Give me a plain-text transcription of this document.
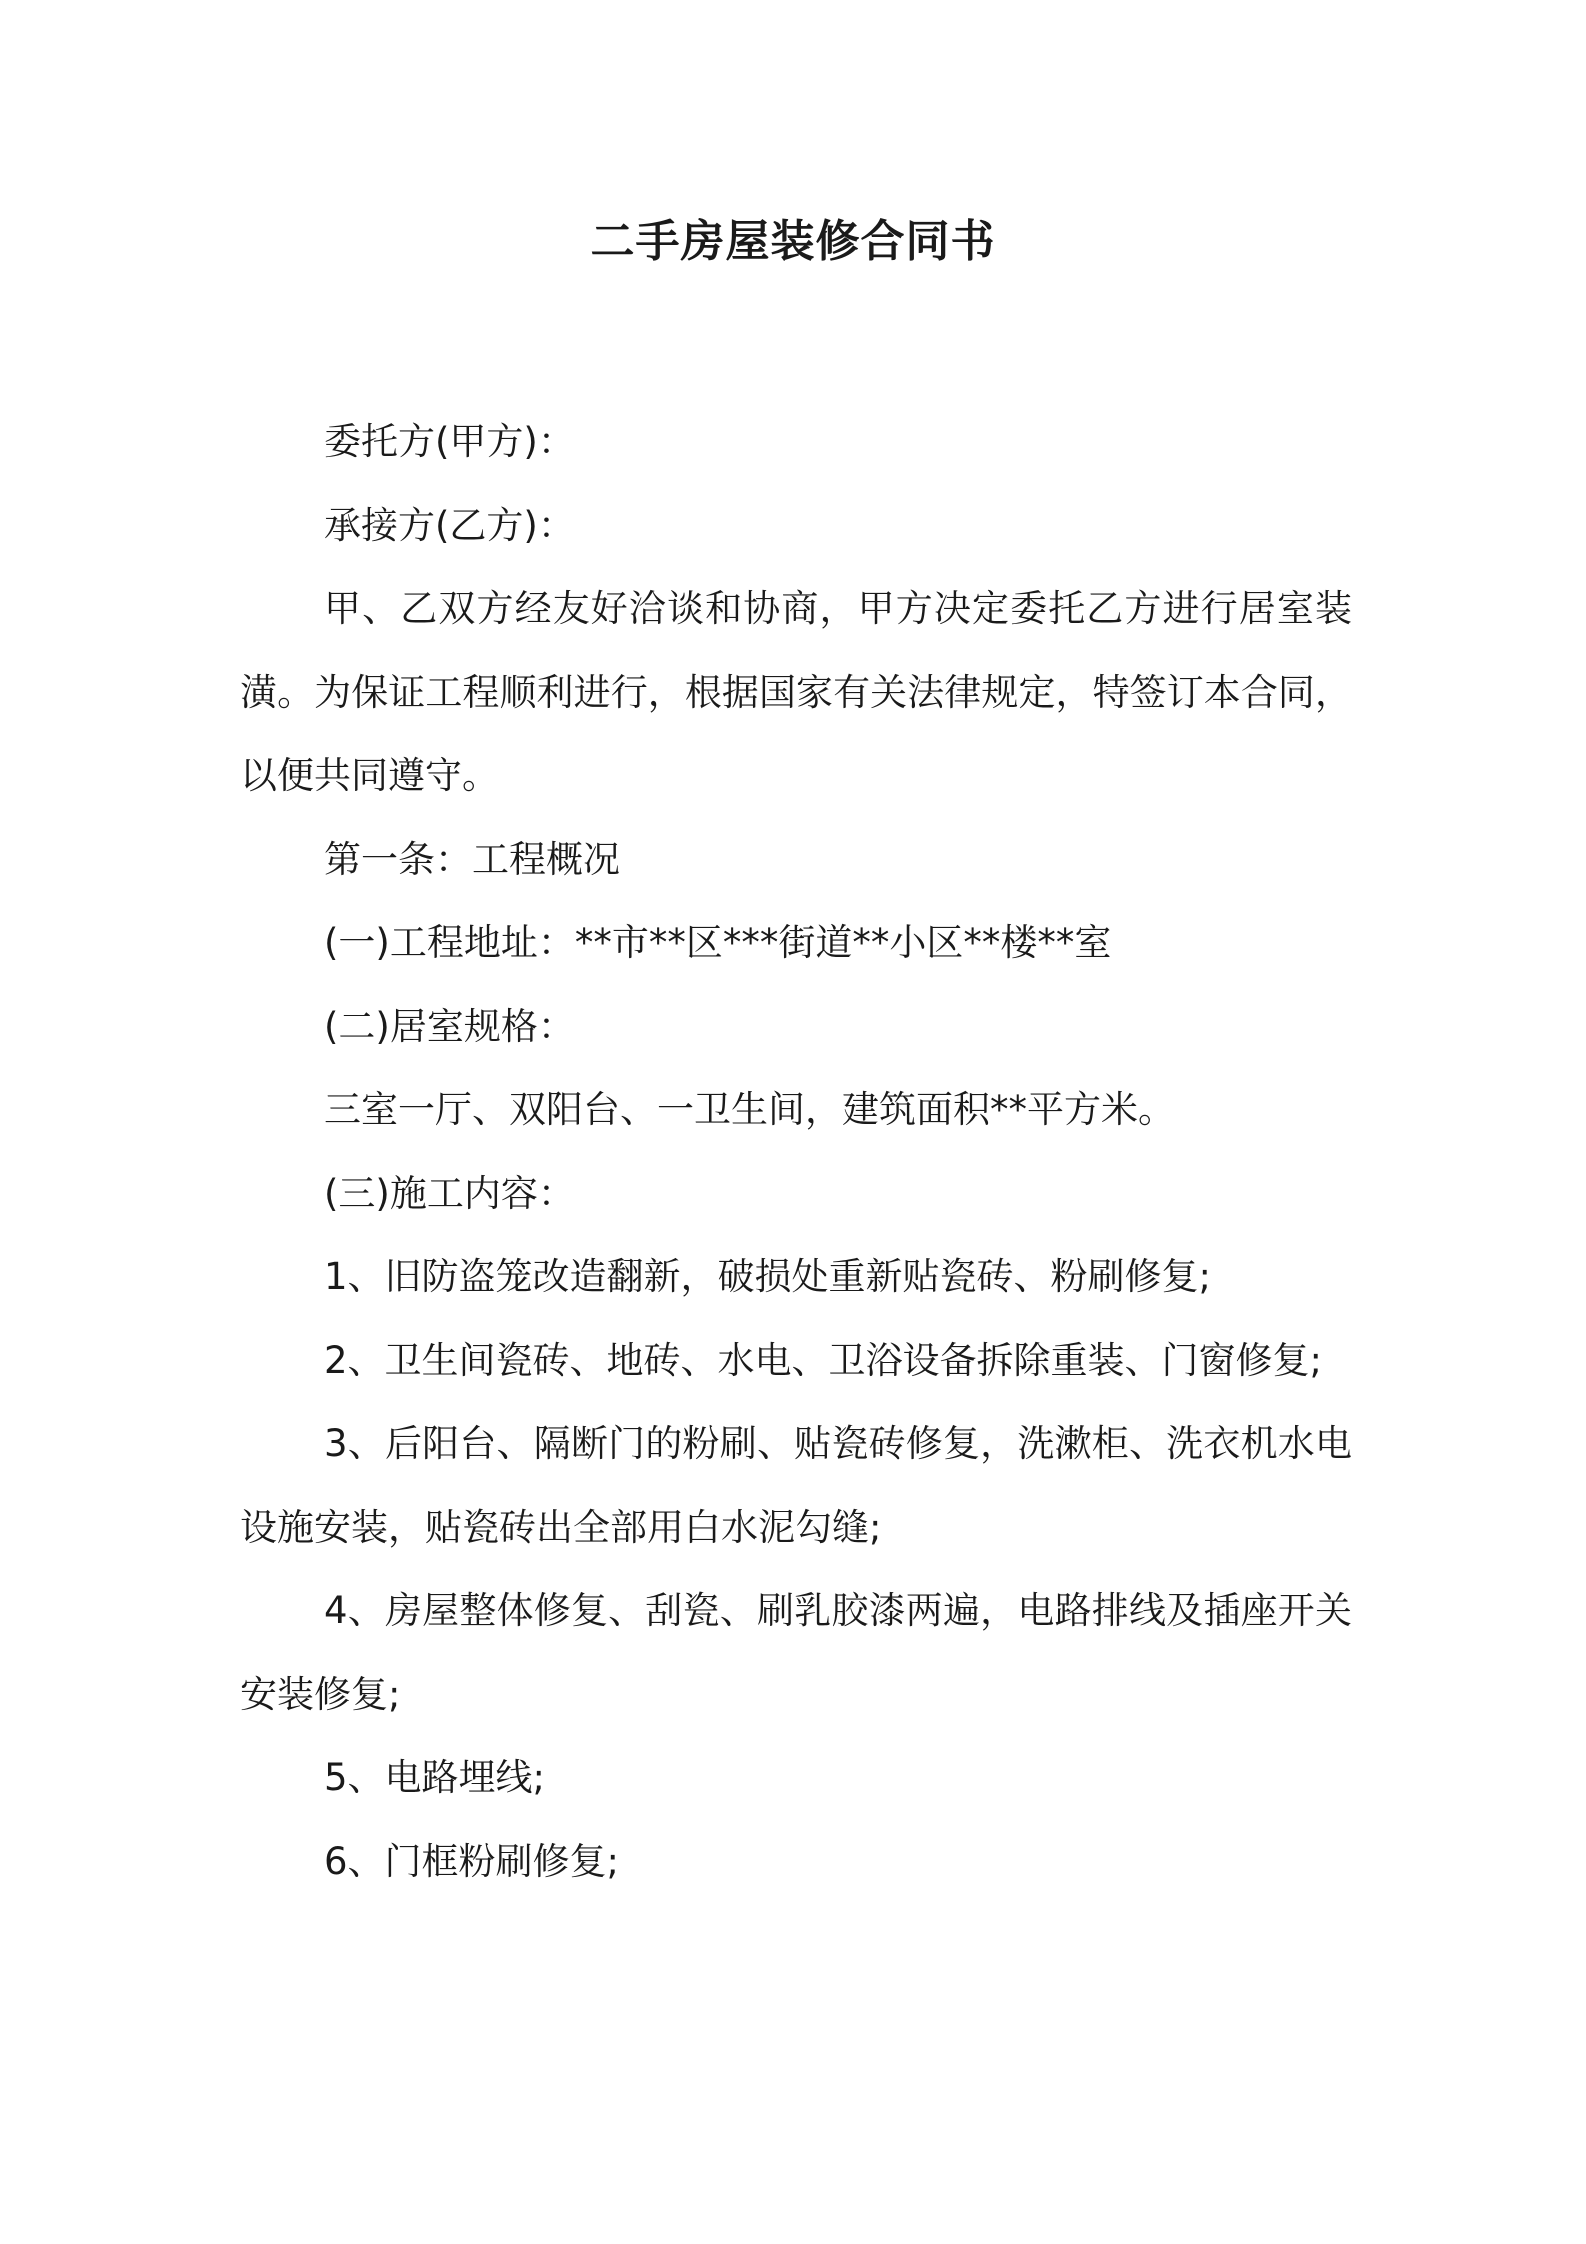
二手房屋装修合同书

委托方(甲方)：

承接方(乙方)：

甲、乙双方经友好洽谈和协商，甲方决定委托乙方进行居室装潢。为保证工程顺利进行，根据国家有关法律规定，特签订本合同，以便共同遵守。

第一条：工程概况

(一)工程地址：**市**区***街道**小区**楼**室

(二)居室规格：

三室一厅、双阳台、一卫生间，建筑面积**平方米。

(三)施工内容：

1、旧防盗笼改造翻新，破损处重新贴瓷砖、粉刷修复;

2、卫生间瓷砖、地砖、水电、卫浴设备拆除重装、门窗修复;

3、后阳台、隔断门的粉刷、贴瓷砖修复，洗漱柜、洗衣机水电设施安装，贴瓷砖出全部用白水泥勾缝;

4、房屋整体修复、刮瓷、刷乳胶漆两遍，电路排线及插座开关安装修复;

5、电路埋线;

6、门框粉刷修复;
